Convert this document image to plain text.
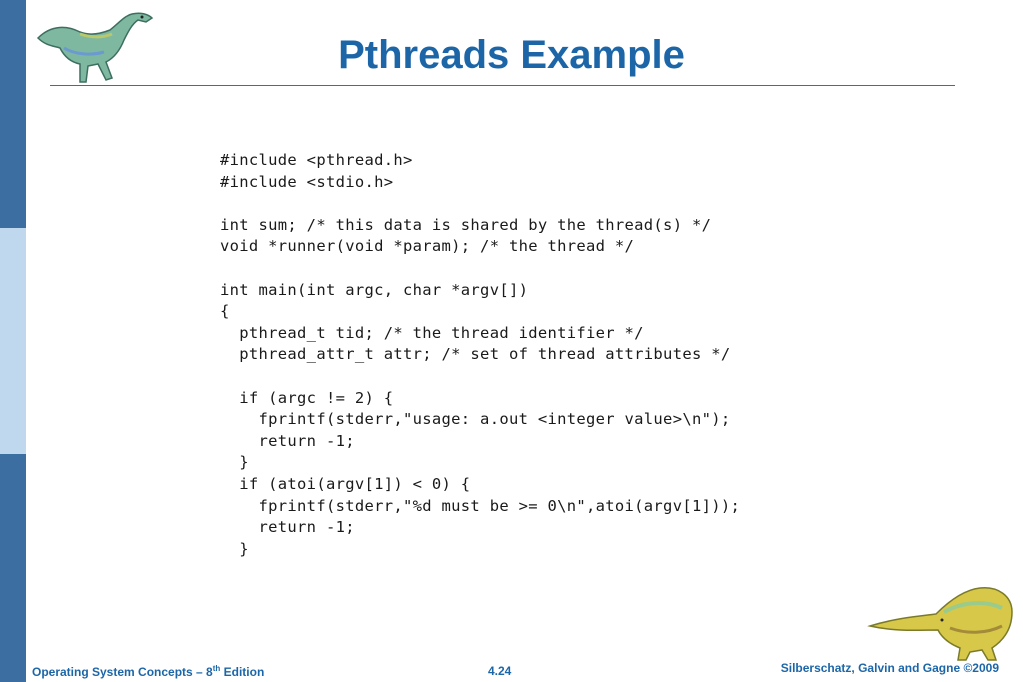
Pthreads Example
#include <pthread.h>
#include <stdio.h>
int sum; /* this data is shared by the thread(s) */
void *runner(void *param); /* the thread */
int main(int argc, char *argv[])
{
pthread_t tid; /* the thread identifier */
pthread_attr_t attr; /* set of thread attributes */
if (argc != 2) {
fprintf(stderr,"usage: a.out <integer value>\n");
return -1;
}
if (atoi(argv[1]) < 0) {
fprintf(stderr,"%d must be >= 0\n",atoi(argv[1]));
return -1;
}
Operating System Concepts – 8th Edition	4.24	Silberschatz, Galvin and Gagne ©2009
